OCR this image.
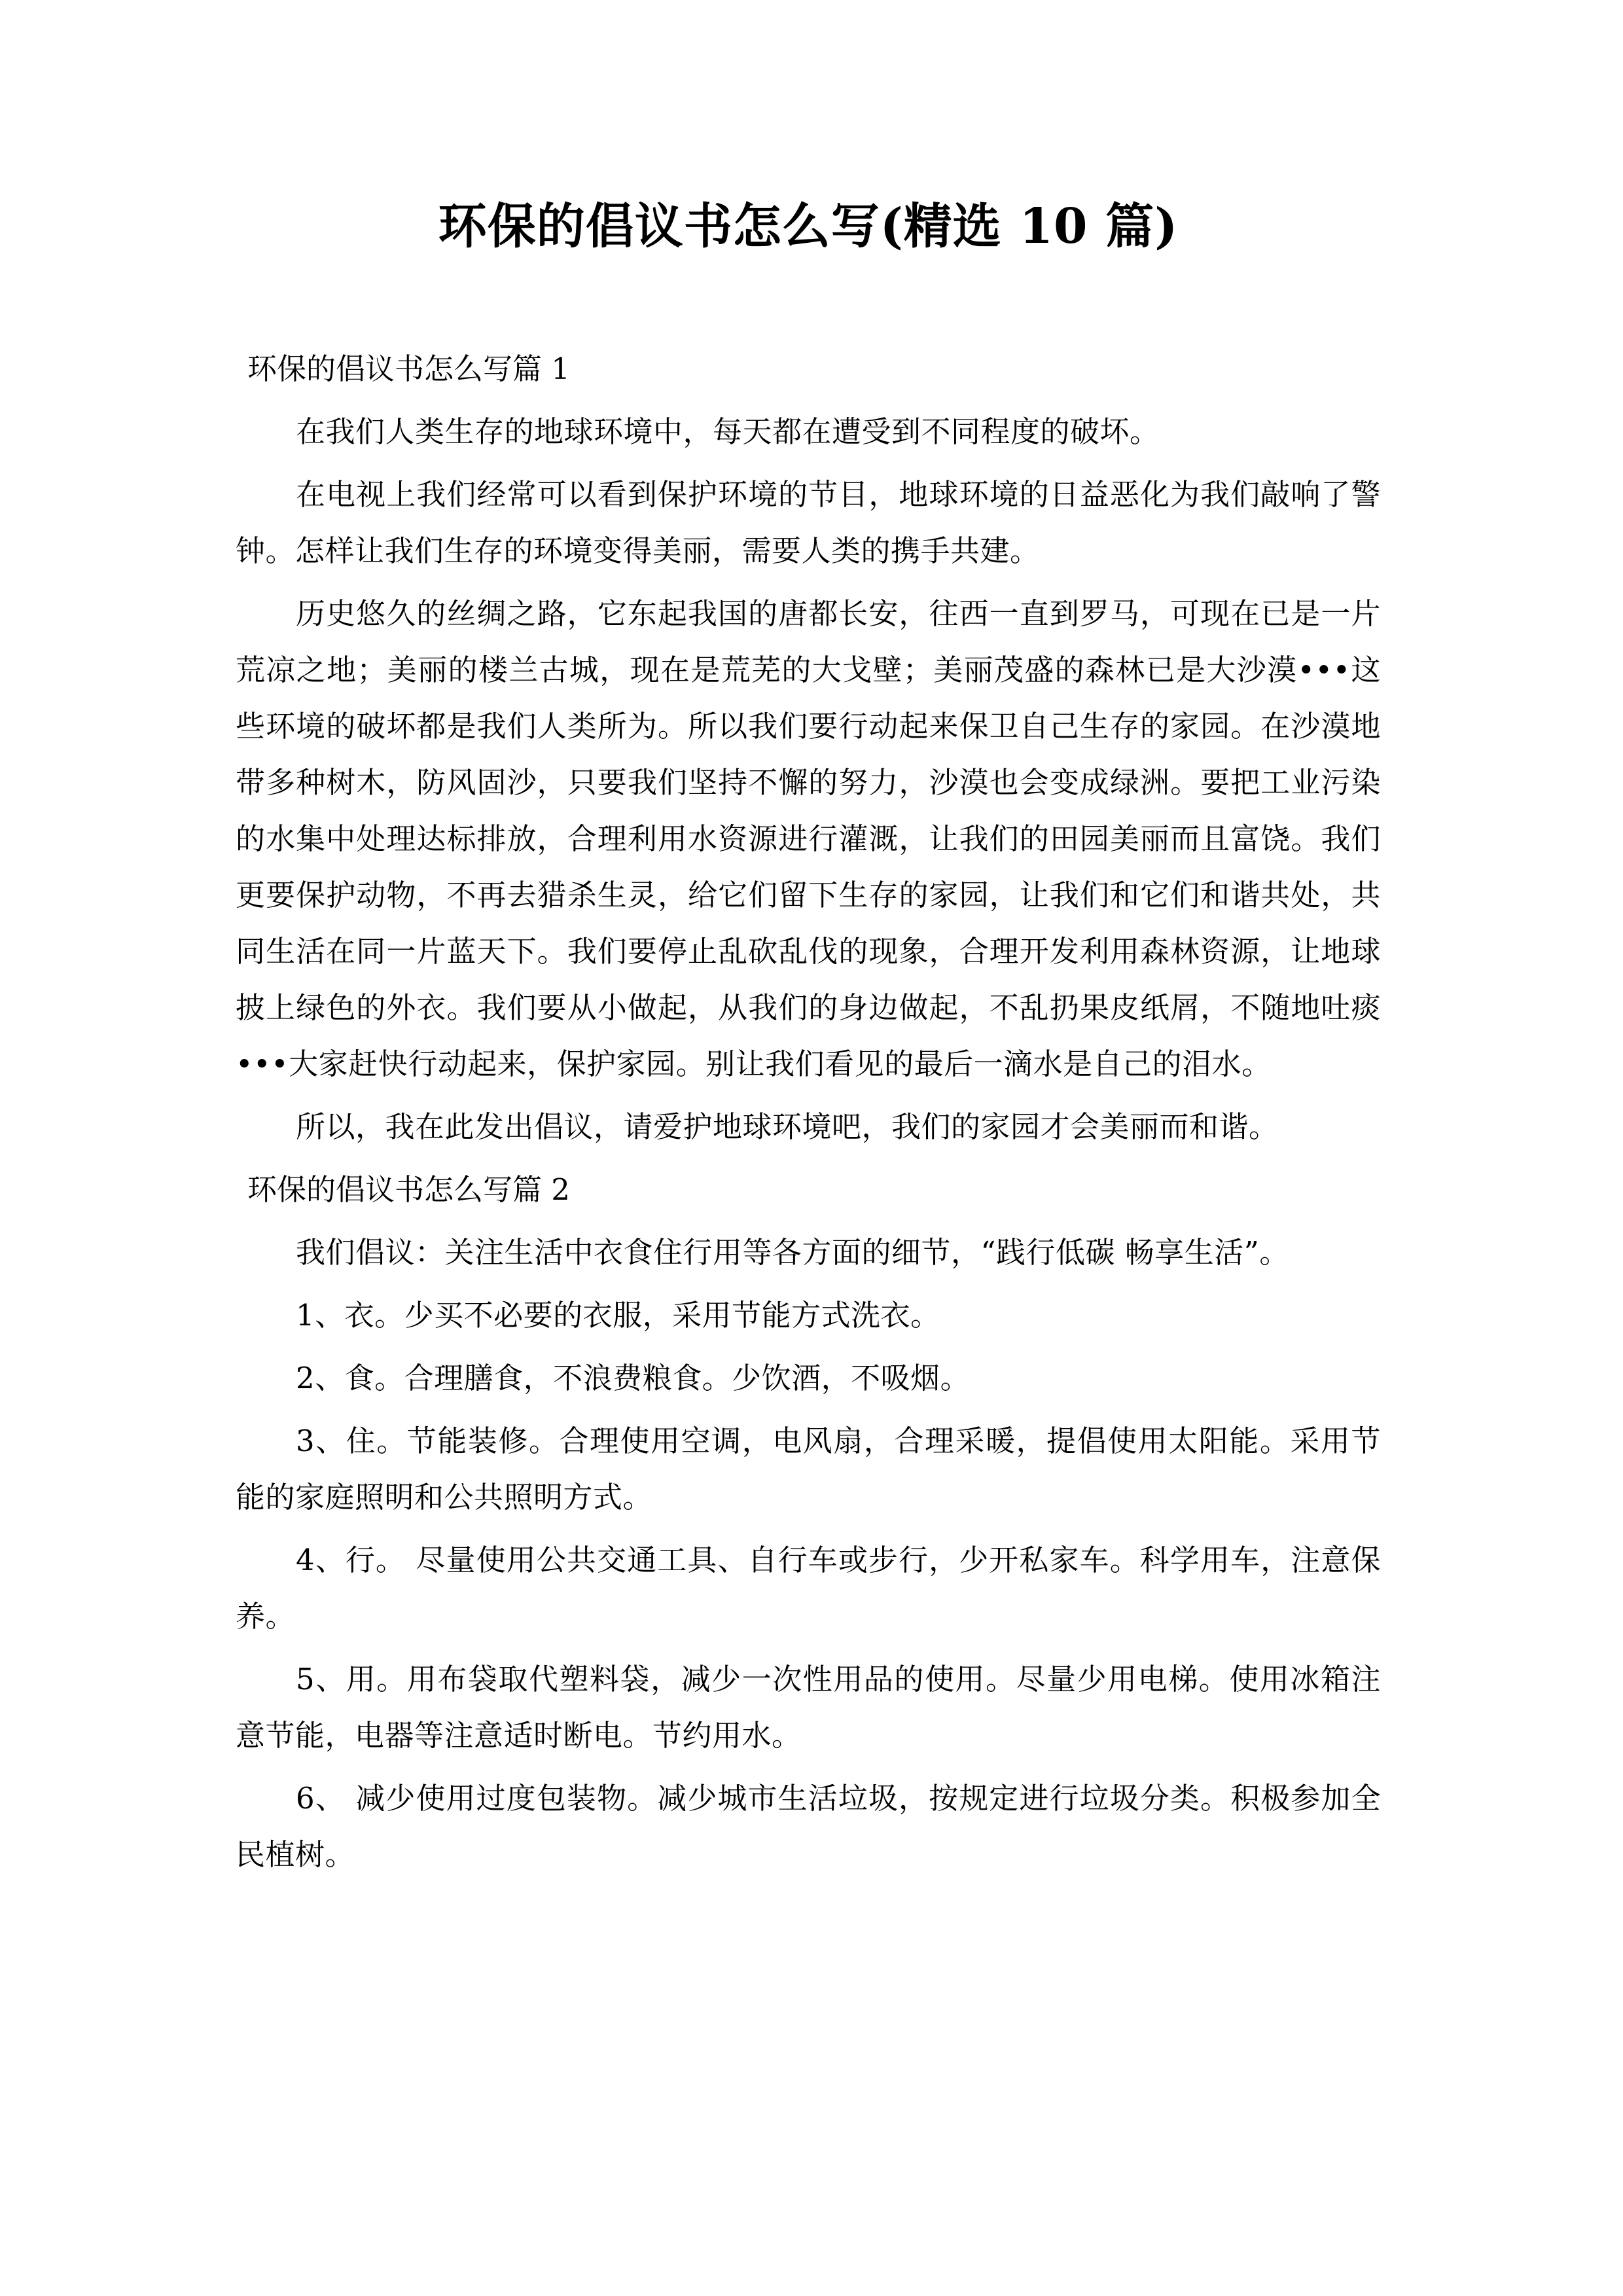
环保的倡议书怎么写(精选 10 篇)

环保的倡议书怎么写篇 1

在我们人类生存的地球环境中，每天都在遭受到不同程度的破坏。

在电视上我们经常可以看到保护环境的节目，地球环境的日益恶化为我们敲响了警钟。怎样让我们生存的环境变得美丽，需要人类的携手共建。

历史悠久的丝绸之路，它东起我国的唐都长安，往西一直到罗马，可现在已是一片荒凉之地；美丽的楼兰古城，现在是荒芜的大戈壁；美丽茂盛的森林已是大沙漠•••这些环境的破坏都是我们人类所为。所以我们要行动起来保卫自己生存的家园。在沙漠地带多种树木，防风固沙，只要我们坚持不懈的努力，沙漠也会变成绿洲。要把工业污染的水集中处理达标排放，合理利用水资源进行灌溉，让我们的田园美丽而且富饶。我们更要保护动物，不再去猎杀生灵，给它们留下生存的家园，让我们和它们和谐共处，共同生活在同一片蓝天下。我们要停止乱砍乱伐的现象，合理开发利用森林资源，让地球披上绿色的外衣。我们要从小做起，从我们的身边做起，不乱扔果皮纸屑，不随地吐痰•••大家赶快行动起来，保护家园。别让我们看见的最后一滴水是自己的泪水。

所以，我在此发出倡议，请爱护地球环境吧，我们的家园才会美丽而和谐。

环保的倡议书怎么写篇 2

我们倡议：关注生活中衣食住行用等各方面的细节，“践行低碳 畅享生活”。

1、衣。少买不必要的衣服，采用节能方式洗衣。

2、食。合理膳食，不浪费粮食。少饮酒，不吸烟。

3、住。节能装修。合理使用空调，电风扇，合理采暖，提倡使用太阳能。采用节能的家庭照明和公共照明方式。

4、行。 尽量使用公共交通工具、自行车或步行，少开私家车。科学用车，注意保养。

5、用。用布袋取代塑料袋，减少一次性用品的使用。尽量少用电梯。使用冰箱注意节能，电器等注意适时断电。节约用水。

6、 减少使用过度包装物。减少城市生活垃圾，按规定进行垃圾分类。积极参加全民植树。
